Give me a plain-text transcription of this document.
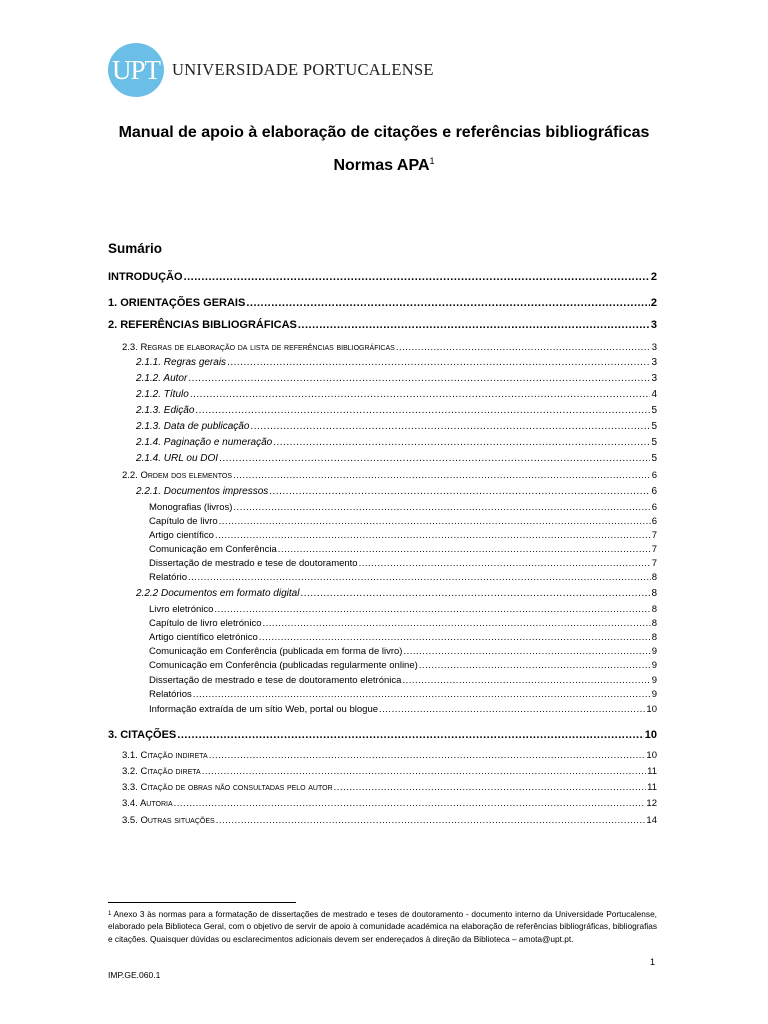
UPT UNIVERSIDADE PORTUCALENSE
Manual de apoio à elaboração de citações e referências bibliográficas
Normas APA$^1$
Sumário
INTRODUÇÃO .....	2
1. ORIENTAÇÕES GERAIS .....	2
2. REFERÊNCIAS BIBLIOGRÁFICAS .....	3
2.3. Regras de elaboração da lista de referências bibliográficas .....	3
2.1.1. Regras gerais .....	3
2.1.2. Autor .....	3
2.1.2. Título .....	4
2.1.3. Edição .....	5
2.1.3. Data de publicação .....	5
2.1.4. Paginação e numeração .....	5
2.1.4. URL ou DOI .....	5
2.2. Ordem dos elementos .....	6
2.2.1. Documentos impressos .....	6
Monografias (livros) .....	6
Capítulo de livro .....	6
Artigo científico .....	7
Comunicação em Conferência .....	7
Dissertação de mestrado e tese de doutoramento .....	7
Relatório .....	8
2.2.2 Documentos em formato digital .....	8
Livro eletrónico .....	8
Capítulo de livro eletrónico .....	8
Artigo científico eletrónico .....	8
Comunicação em Conferência (publicada em forma de livro) .....	9
Comunicação em Conferência (publicadas regularmente online) .....	9
Dissertação de mestrado e tese de doutoramento eletrónica .....	9
Relatórios .....	9
Informação extraída de um sítio Web, portal ou blogue .....	10
3. CITAÇÕES .....	10
3.1. Citação indireta .....	10
3.2. Citação direta .....	11
3.3. Citação de obras não consultadas pelo autor .....	11
3.4. Autoria .....	12
3.5. Outras situações .....	14
$^1$ Anexo 3 às normas para a formatação de dissertações de mestrado e teses de doutoramento - documento interno da Universidade Portucalense, elaborado pela Biblioteca Geral, com o objetivo de servir de apoio à comunidade académica na elaboração de referências bibliográficas, bibliografias e citações. Quaisquer dúvidas ou esclarecimentos adicionais devem ser endereçados à direção da Biblioteca – amota@upt.pt.
1
IMP.GE.060.1
